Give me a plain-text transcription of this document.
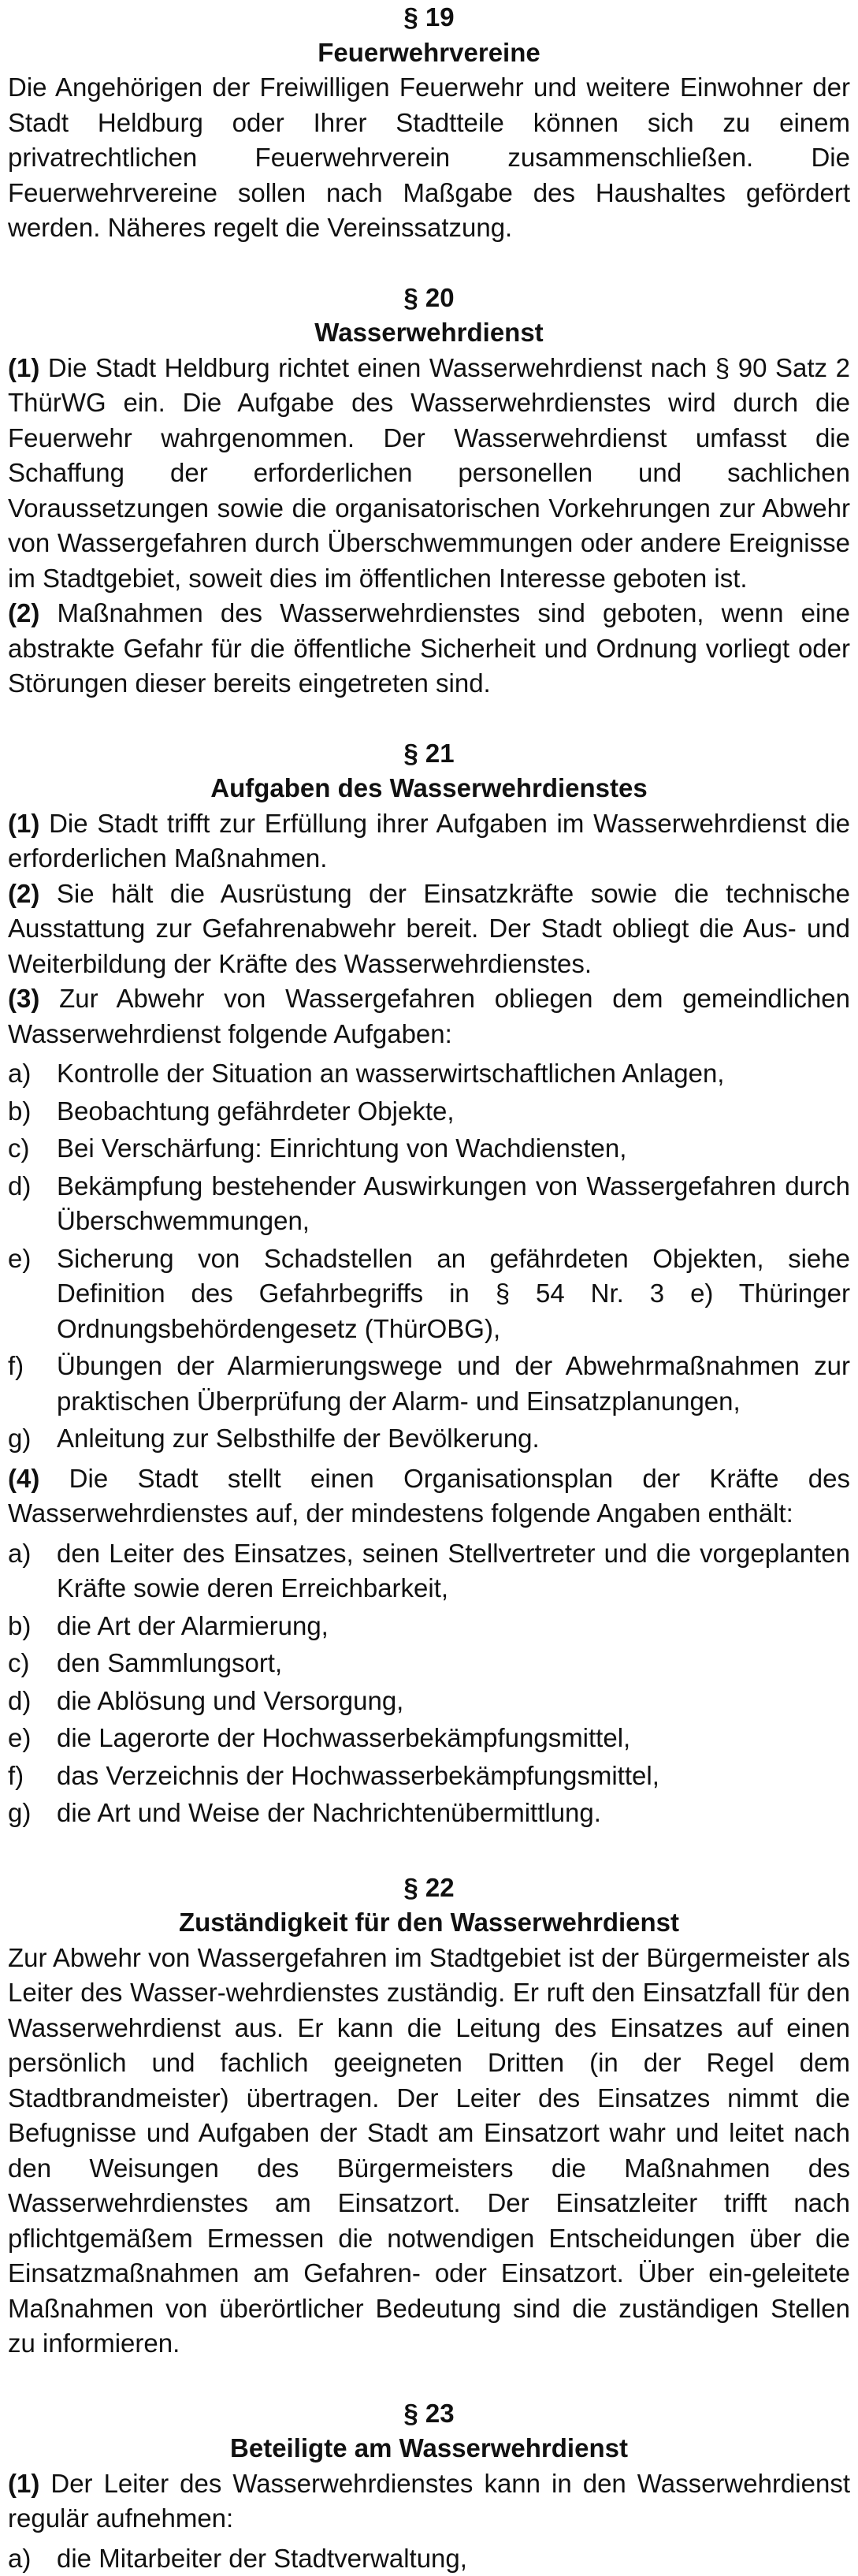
§ 19
Feuerwehrvereine

Die Angehörigen der Freiwilligen Feuerwehr und weitere Einwohner der Stadt Heldburg oder Ihrer Stadtteile können sich zu einem privatrechtlichen Feuerwehrverein zusammenschließen. Die Feuerwehrvereine sollen nach Maßgabe des Haushaltes gefördert werden. Näheres regelt die Vereinssatzung.

§ 20
Wasserwehrdienst

(1) Die Stadt Heldburg richtet einen Wasserwehrdienst nach § 90 Satz 2 ThürWG ein. Die Aufgabe des Wasserwehrdienstes wird durch die Feuerwehr wahrgenommen. Der Wasserwehrdienst umfasst die Schaffung der erforderlichen personellen und sachlichen Voraussetzungen sowie die organisatorischen Vorkehrungen zur Abwehr von Wassergefahren durch Überschwemmungen oder andere Ereignisse im Stadtgebiet, soweit dies im öffentlichen Interesse geboten ist.

(2) Maßnahmen des Wasserwehrdienstes sind geboten, wenn eine abstrakte Gefahr für die öffentliche Sicherheit und Ordnung vorliegt oder Störungen dieser bereits eingetreten sind.

§ 21
Aufgaben des Wasserwehrdienstes

(1) Die Stadt trifft zur Erfüllung ihrer Aufgaben im Wasserwehrdienst die erforderlichen Maßnahmen.

(2) Sie hält die Ausrüstung der Einsatzkräfte sowie die technische Ausstattung zur Gefahrenabwehr bereit. Der Stadt obliegt die Aus- und Weiterbildung der Kräfte des Wasserwehrdienstes.

(3) Zur Abwehr von Wassergefahren obliegen dem gemeindlichen Wasserwehrdienst folgende Aufgaben:

a) Kontrolle der Situation an wasserwirtschaftlichen Anlagen,
b) Beobachtung gefährdeter Objekte,
c) Bei Verschärfung: Einrichtung von Wachdiensten,
d) Bekämpfung bestehender Auswirkungen von Wassergefahren durch Überschwemmungen,
e) Sicherung von Schadstellen an gefährdeten Objekten, siehe Definition des Gefahrbegriffs in § 54 Nr. 3 e) Thüringer Ordnungsbehördengesetz (ThürOBG),
f) Übungen der Alarmierungswege und der Abwehrmaßnahmen zur praktischen Überprüfung der Alarm- und Einsatzplanungen,
g) Anleitung zur Selbsthilfe der Bevölkerung.

(4) Die Stadt stellt einen Organisationsplan der Kräfte des Wasserwehrdienstes auf, der mindestens folgende Angaben enthält:

a) den Leiter des Einsatzes, seinen Stellvertreter und die vorgeplanten Kräfte sowie deren Erreichbarkeit,
b) die Art der Alarmierung,
c) den Sammlungsort,
d) die Ablösung und Versorgung,
e) die Lagerorte der Hochwasserbekämpfungsmittel,
f) das Verzeichnis der Hochwasserbekämpfungsmittel,
g) die Art und Weise der Nachrichtenübermittlung.
§ 22
Zuständigkeit für den Wasserwehrdienst

Zur Abwehr von Wassergefahren im Stadtgebiet ist der Bürgermeister als Leiter des Wasser-wehrdienstes zuständig. Er ruft den Einsatzfall für den Wasserwehrdienst aus. Er kann die Leitung des Einsatzes auf einen persönlich und fachlich geeigneten Dritten (in der Regel dem Stadtbrandmeister) übertragen. Der Leiter des Einsatzes nimmt die Befugnisse und Aufgaben der Stadt am Einsatzort wahr und leitet nach den Weisungen des Bürgermeisters die Maßnahmen des Wasserwehrdienstes am Einsatzort. Der Einsatzleiter trifft nach pflichtgemäßem Ermessen die notwendigen Entscheidungen über die Einsatzmaßnahmen am Gefahren- oder Einsatzort. Über ein-geleitete Maßnahmen von überörtlicher Bedeutung sind die zuständigen Stellen zu informieren.

§ 23
Beteiligte am Wasserwehrdienst

(1) Der Leiter des Wasserwehrdienstes kann in den Wasserwehrdienst regulär aufnehmen:

a) die Mitarbeiter der Stadtverwaltung,
